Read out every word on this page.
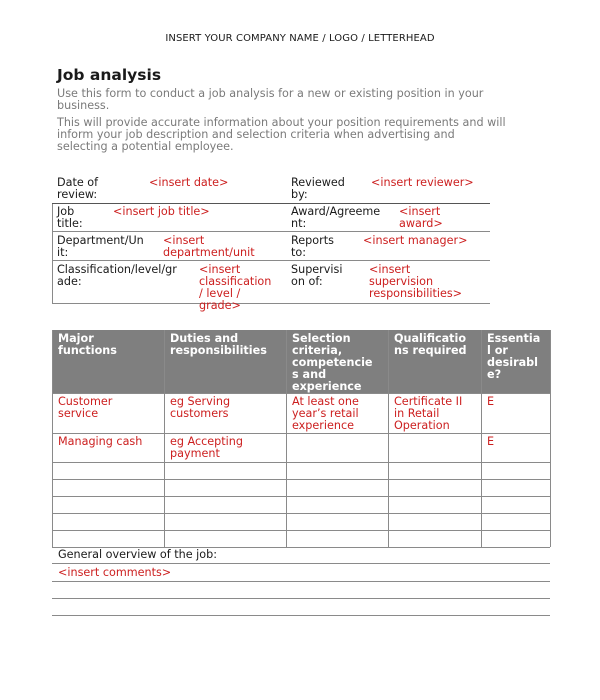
INSERT YOUR COMPANY NAME / LOGO / LETTERHEAD
Job analysis
Use this form to conduct a job analysis for a new or existing position in your
business.
This will provide accurate information about your position requirements and will
inform your job description and selection criteria when advertising and
selecting a potential employee.
Date of
review:
<insert date>	Reviewed
by:
<insert reviewer>
Job
title:
<insert job title>	Award/Agreeme
nt:
<insert
award>
Department/Un
it:
<insert
department/unit
Reports
to:
<insert manager>
Classification/level/gr
ade:
<insert
classification
/ level /
grade>
Supervisi
on of:
<insert
supervision
responsibilities>
Major
functions
Duties and
responsibilities
Selection
criteria,
competencie
s and
experience
Qualificatio
ns required
Essentia
l or
desirabl
e?
Customer
service
eg Serving
customers
At least one
year’s retail
experience
Certificate II
in Retail
Operation
E
Managing cash eg Accepting
payment
E
General overview of the job:
<insert comments>
